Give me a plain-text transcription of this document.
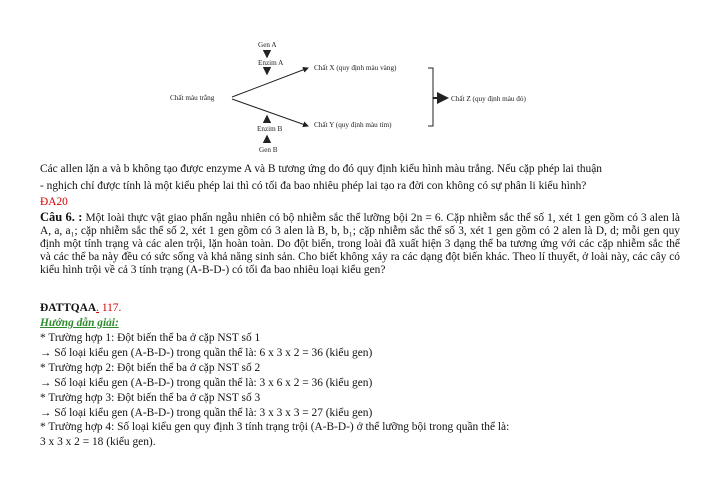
Gen A
Enzim A
Chất màu trắng
Chất X (quy định màu vàng)
Chất Y (quy định màu tím)
Chất Z (quy định màu đỏ)
Enzim B
Gen B
Các allen lặn a và b không tạo được enzyme A và B tương ứng do đó quy định kiểu hình màu trắng. Nếu cặp phép lai thuận
- nghịch chỉ được tính là một kiểu phép lai thì có tối đa bao nhiêu phép lai tạo ra đời con không có sự phân li kiểu hình?
ĐA20
Câu 6. : Một loài thực vật giao phấn ngẫu nhiên có bộ nhiễm sắc thể lưỡng bội 2n = 6. Cặp nhiễm sắc thể số 1, xét 1 gen gồm có 3 alen là A, a, a₁; cặp nhiễm sắc thể số 2, xét 1 gen gồm có 3 alen là B, b, b₁; cặp nhiễm sắc thể số 3, xét 1 gen gồm có 2 alen là D, d; mỗi gen quy định một tính trạng và các alen trội, lặn hoàn toàn. Do đột biến, trong loài đã xuất hiện 3 dạng thể ba tương ứng với các cặp nhiễm sắc thể và các thể ba này đều có sức sống và khả năng sinh sản. Cho biết không xảy ra các dạng đột biến khác. Theo lí thuyết, ở loài này, các cây có kiểu hình trội về cả 3 tính trạng (A-B-D-) có tối đa bao nhiêu loại kiểu gen?
ĐATTQAA. 117.
Hướng dẫn giải:
* Trường hợp 1: Đột biến thể ba ở cặp NST số 1
→ Số loại kiểu gen (A-B-D-) trong quần thể là: 6 x 3 x 2 = 36 (kiểu gen)
* Trường hợp 2: Đột biến thể ba ở cặp NST số 2
→ Số loại kiểu gen (A-B-D-) trong quần thể là: 3 x 6 x 2 = 36 (kiểu gen)
* Trường hợp 3: Đột biến thể ba ở cặp NST số 3
→ Số loại kiểu gen (A-B-D-) trong quần thể là: 3 x 3 x 3 = 27 (kiểu gen)
* Trường hợp 4: Số loại kiểu gen quy định 3 tính trạng trội (A-B-D-) ở thể lưỡng bội trong quần thể là:
3 x 3 x 2 = 18 (kiểu gen).
